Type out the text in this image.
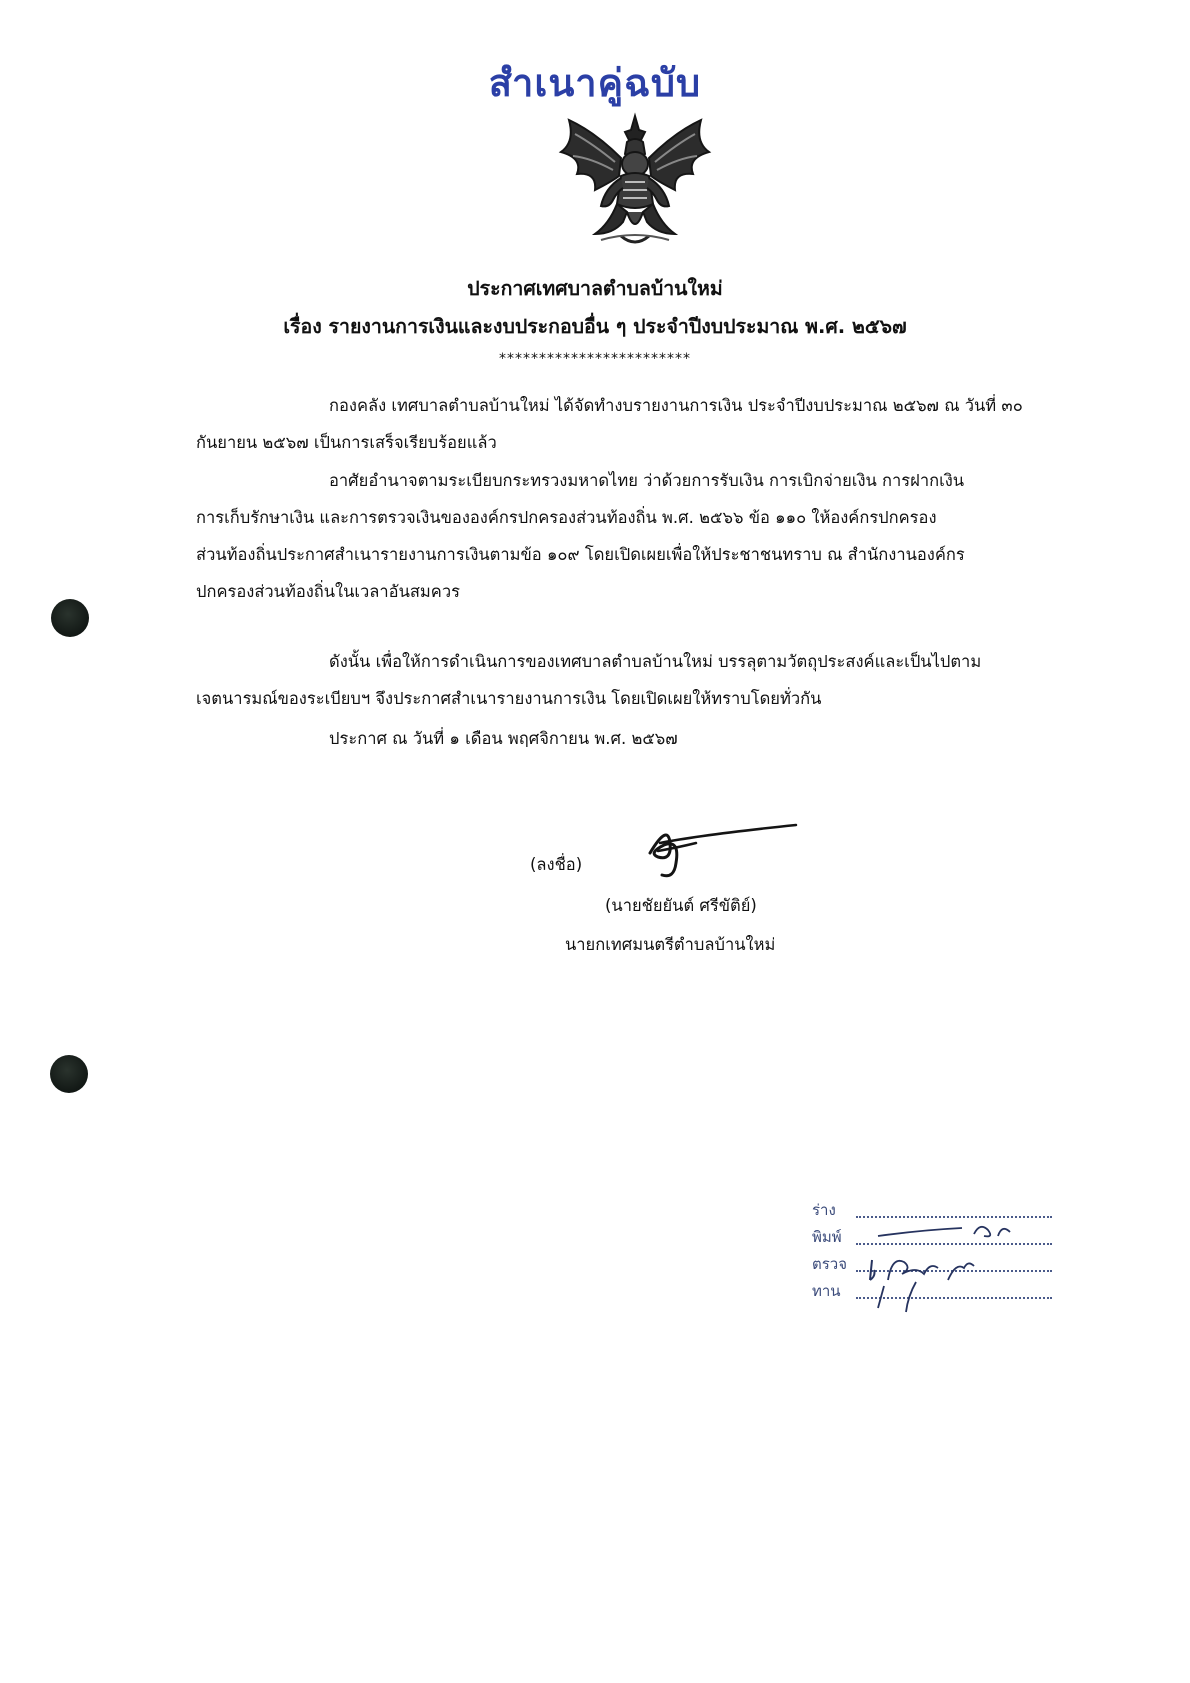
สำเนาคู่ฉบับ
ประกาศเทศบาลตำบลบ้านใหม่
เรื่อง รายงานการเงินและงบประกอบอื่น ๆ ประจำปีงบประมาณ พ.ศ. ๒๕๖๗
************************
กองคลัง เทศบาลตำบลบ้านใหม่ ได้จัดทำงบรายงานการเงิน ประจำปีงบประมาณ ๒๕๖๗ ณ วันที่ ๓๐
กันยายน ๒๕๖๗ เป็นการเสร็จเรียบร้อยแล้ว
อาศัยอำนาจตามระเบียบกระทรวงมหาดไทย ว่าด้วยการรับเงิน การเบิกจ่ายเงิน การฝากเงิน
การเก็บรักษาเงิน และการตรวจเงินขององค์กรปกครองส่วนท้องถิ่น พ.ศ. ๒๕๖๖ ข้อ ๑๑๐ ให้องค์กรปกครอง
ส่วนท้องถิ่นประกาศสำเนารายงานการเงินตามข้อ ๑๐๙ โดยเปิดเผยเพื่อให้ประชาชนทราบ ณ สำนักงานองค์กร
ปกครองส่วนท้องถิ่นในเวลาอันสมควร
ดังนั้น เพื่อให้การดำเนินการของเทศบาลตำบลบ้านใหม่ บรรลุตามวัตถุประสงค์และเป็นไปตาม
เจตนารมณ์ของระเบียบฯ จึงประกาศสำเนารายงานการเงิน โดยเปิดเผยให้ทราบโดยทั่วกัน
ประกาศ ณ วันที่ ๑ เดือน พฤศจิกายน พ.ศ. ๒๕๖๗
(ลงชื่อ)
(นายชัยยันต์ ศรีขัติย์)
นายกเทศมนตรีตำบลบ้านใหม่
ร่าง
พิมพ์
ตรวจ
ทาน
